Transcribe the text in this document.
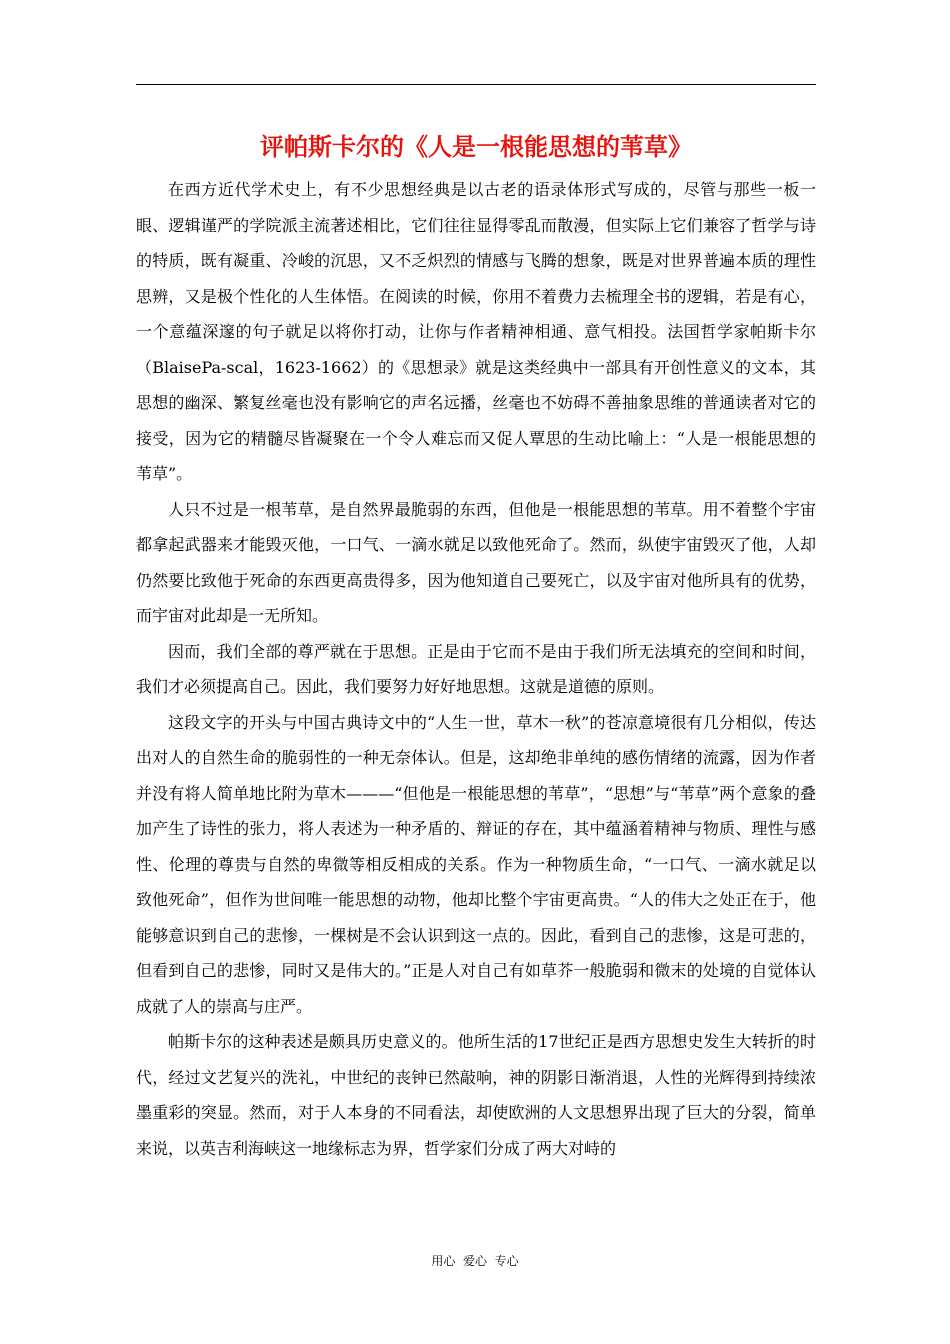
评帕斯卡尔的《人是一根能思想的苇草》

在西方近代学术史上，有不少思想经典是以古老的语录体形式写成的，尽管与那些一板一眼、逻辑谨严的学院派主流著述相比，它们往往显得零乱而散漫，但实际上它们兼容了哲学与诗的特质，既有凝重、冷峻的沉思，又不乏炽烈的情感与飞腾的想象，既是对世界普遍本质的理性思辨，又是极个性化的人生体悟。在阅读的时候，你用不着费力去梳理全书的逻辑，若是有心，一个意蕴深邃的句子就足以将你打动，让你与作者精神相通、意气相投。法国哲学家帕斯卡尔（BlaisePa-scal，1623-1662）的《思想录》就是这类经典中一部具有开创性意义的文本，其思想的幽深、繁复丝毫也没有影响它的声名远播，丝毫也不妨碍不善抽象思维的普通读者对它的接受，因为它的精髓尽皆凝聚在一个令人难忘而又促人覃思的生动比喻上：“人是一根能思想的苇草”。

人只不过是一根苇草，是自然界最脆弱的东西，但他是一根能思想的苇草。用不着整个宇宙都拿起武器来才能毁灭他，一口气、一滴水就足以致他死命了。然而，纵使宇宙毁灭了他，人却仍然要比致他于死命的东西更高贵得多，因为他知道自己要死亡，以及宇宙对他所具有的优势，而宇宙对此却是一无所知。

因而，我们全部的尊严就在于思想。正是由于它而不是由于我们所无法填充的空间和时间，我们才必须提高自己。因此，我们要努力好好地思想。这就是道德的原则。

这段文字的开头与中国古典诗文中的“人生一世，草木一秋”的苍凉意境很有几分相似，传达出对人的自然生命的脆弱性的一种无奈体认。但是，这却绝非单纯的感伤情绪的流露，因为作者并没有将人简单地比附为草木———“但他是一根能思想的苇草”，“思想”与“苇草”两个意象的叠加产生了诗性的张力，将人表述为一种矛盾的、辩证的存在，其中蕴涵着精神与物质、理性与感性、伦理的尊贵与自然的卑微等相反相成的关系。作为一种物质生命，“一口气、一滴水就足以致他死命”，但作为世间唯一能思想的动物，他却比整个宇宙更高贵。“人的伟大之处正在于，他能够意识到自己的悲惨，一棵树是不会认识到这一点的。因此，看到自己的悲惨，这是可悲的，但看到自己的悲惨，同时又是伟大的。”正是人对自己有如草芥一般脆弱和微末的处境的自觉体认成就了人的崇高与庄严。

帕斯卡尔的这种表述是颇具历史意义的。他所生活的17世纪正是西方思想史发生大转折的时代，经过文艺复兴的洗礼，中世纪的丧钟已然敲响，神的阴影日渐消退，人性的光辉得到持续浓墨重彩的突显。然而，对于人本身的不同看法，却使欧洲的人文思想界出现了巨大的分裂，简单来说，以英吉利海峡这一地缘标志为界，哲学家们分成了两大对峙的

用心  爱心  专心
